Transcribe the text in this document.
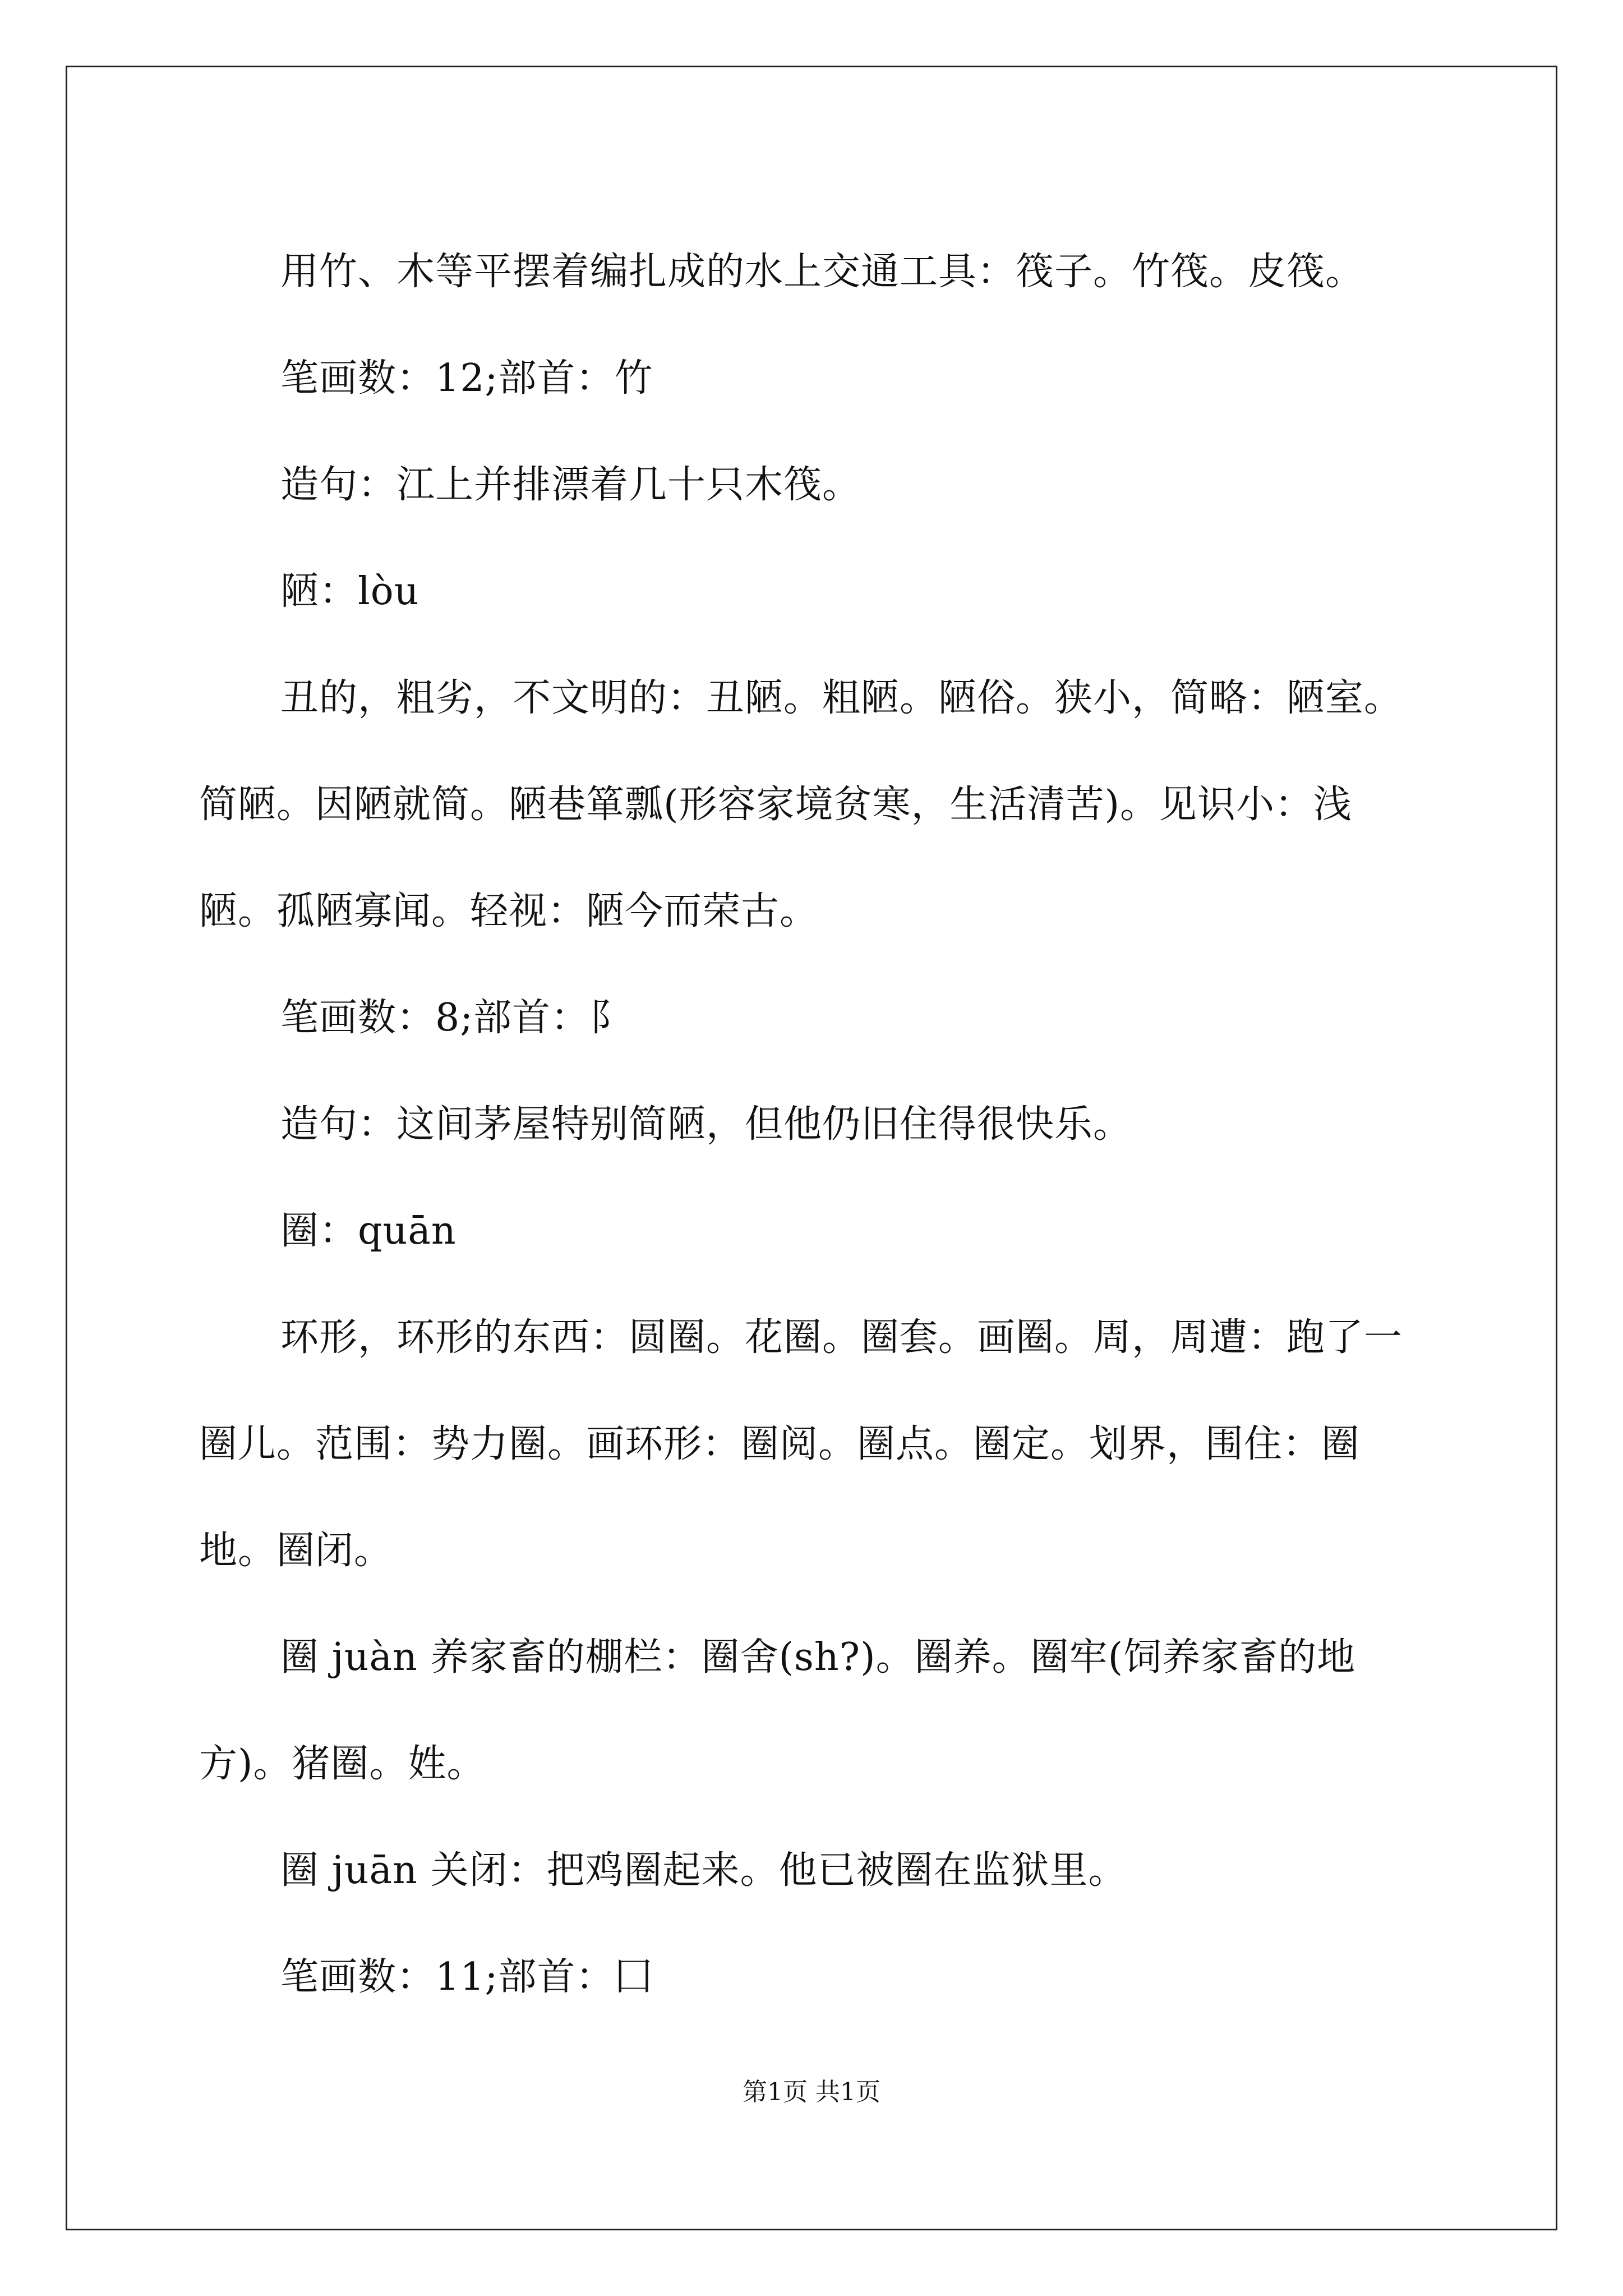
用竹、木等平摆着编扎成的水上交通工具：筏子。竹筏。皮筏。

笔画数：12;部首：竹

造句：江上并排漂着几十只木筏。

陋：lòu

丑的，粗劣，不文明的：丑陋。粗陋。陋俗。狭小，简略：陋室。简陋。因陋就简。陋巷箪瓢(形容家境贫寒，生活清苦)。见识小：浅陋。孤陋寡闻。轻视：陋今而荣古。

笔画数：8;部首：阝

造句：这间茅屋特别简陋，但他仍旧住得很快乐。

圈：quān

环形，环形的东西：圆圈。花圈。圈套。画圈。周，周遭：跑了一圈儿。范围：势力圈。画环形：圈阅。圈点。圈定。划界，围住：圈地。圈闭。

圈 juàn 养家畜的棚栏：圈舍(sh?)。圈养。圈牢(饲养家畜的地方)。猪圈。姓。

圈 juān 关闭：把鸡圈起来。他已被圈在监狱里。

笔画数：11;部首：囗

第1页 共1页
